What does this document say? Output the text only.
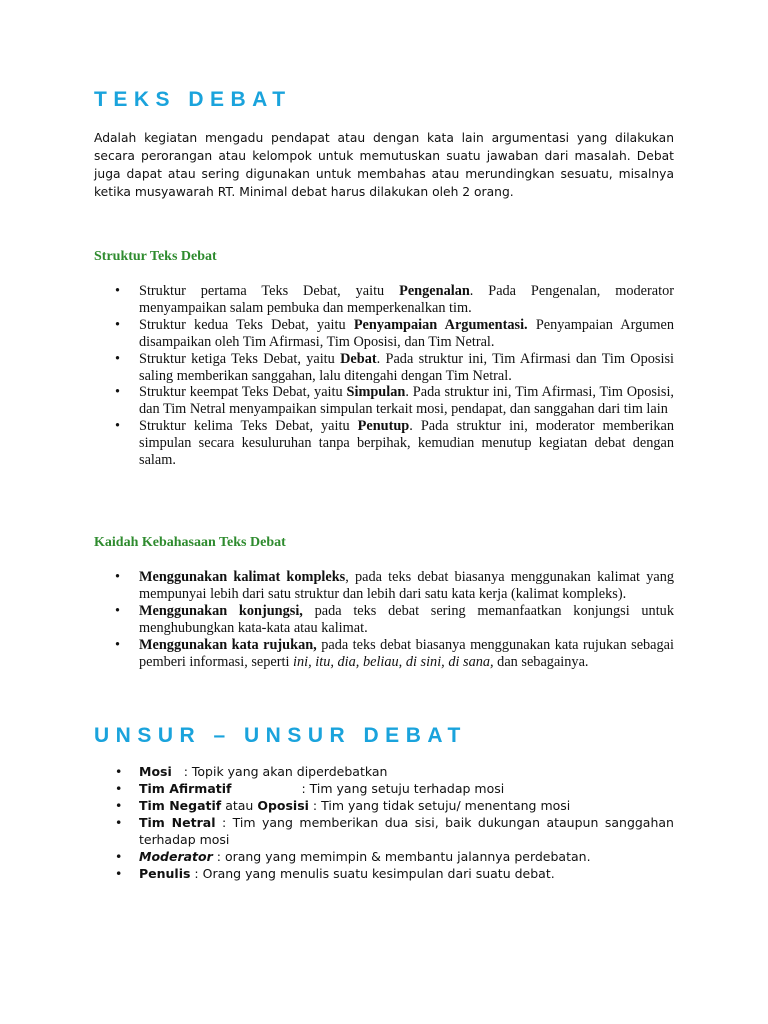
TEKS DEBAT

Adalah kegiatan mengadu pendapat atau dengan kata lain argumentasi yang dilakukan secara perorangan atau kelompok untuk memutuskan suatu jawaban dari masalah. Debat juga dapat atau sering digunakan untuk membahas atau merundingkan sesuatu, misalnya ketika musyawarah RT. Minimal debat harus dilakukan oleh 2 orang.

Struktur Teks Debat
• Struktur pertama Teks Debat, yaitu Pengenalan. Pada Pengenalan, moderator menyampaikan salam pembuka dan memperkenalkan tim.
• Struktur kedua Teks Debat, yaitu Penyampaian Argumentasi. Penyampaian Argumen disampaikan oleh Tim Afirmasi, Tim Oposisi, dan Tim Netral.
• Struktur ketiga Teks Debat, yaitu Debat. Pada struktur ini, Tim Afirmasi dan Tim Oposisi saling memberikan sanggahan, lalu ditengahi dengan Tim Netral.
• Struktur keempat Teks Debat, yaitu Simpulan. Pada struktur ini, Tim Afirmasi, Tim Oposisi, dan Tim Netral menyampaikan simpulan terkait mosi, pendapat, dan sanggahan dari tim lain
• Struktur kelima Teks Debat, yaitu Penutup. Pada struktur ini, moderator memberikan simpulan secara kesuluruhan tanpa berpihak, kemudian menutup kegiatan debat dengan salam.
Kaidah Kebahasaan Teks Debat
• Menggunakan kalimat kompleks, pada teks debat biasanya menggunakan kalimat yang mempunyai lebih dari satu struktur dan lebih dari satu kata kerja (kalimat kompleks).
• Menggunakan konjungsi, pada teks debat sering memanfaatkan konjungsi untuk menghubungkan kata-kata atau kalimat.
• Menggunakan kata rujukan, pada teks debat biasanya menggunakan kata rujukan sebagai pemberi informasi, seperti ini, itu, dia, beliau, di sini, di sana, dan sebagainya.
UNSUR – UNSUR DEBAT
• Mosi : Topik yang akan diperdebatkan
• Tim Afirmatif	: Tim yang setuju terhadap mosi
• Tim Negatif atau Oposisi : Tim yang tidak setuju/ menentang mosi
• Tim Netral : Tim yang memberikan dua sisi, baik dukungan ataupun sanggahan terhadap mosi
• Moderator : orang yang memimpin & membantu jalannya perdebatan.
• Penulis : Orang yang menulis suatu kesimpulan dari suatu debat.
